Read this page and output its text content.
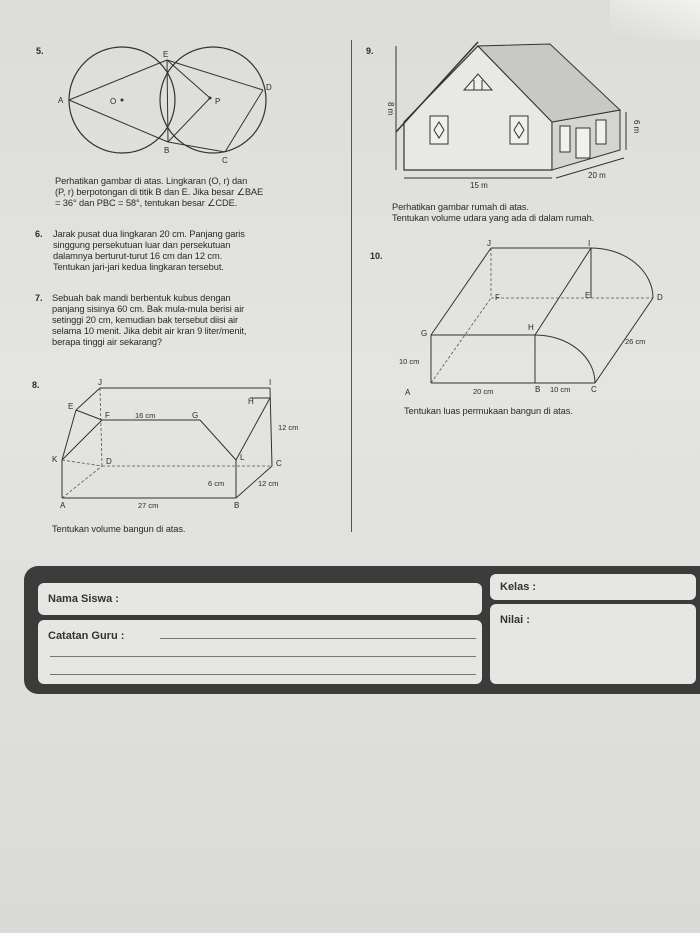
5.
A	O
E
P
D
B
C
Perhatikan gambar di atas. Lingkaran (O, r) dan
(P, r) berpotongan di titik B dan E. Jika besar ∠BAE
= 36° dan PBC = 58°, tentukan besar ∠CDE.
6. Jarak pusat dua lingkaran 20 cm. Panjang garis
singgung persekutuan luar dan persekutuan
dalamnya berturut-turut 16 cm dan 12 cm.
Tentukan jari-jari kedua lingkaran tersebut.
7. Sebuah bak mandi berbentuk kubus dengan
panjang sisinya 60 cm. Bak mula-mula berisi air
setinggi 20 cm, kemudian bak tersebut diisi air
selama 10 menit. Jika debit air kran 9 liter/menit,
berapa tinggi air sekarang?
8.	J	I
E
F	G
H
K	D	L
C
A	B
16 cm
12 cm
6 cm	12 cm
27 cm
Tentukan volume bangun di atas.
9.
8 m
15 m
20 m
6 m
Perhatikan gambar rumah di atas.
Tentukan volume udara yang ada di dalam rumah.
10.
J	I
F	E	D
G
H
A	B	C
10 cm
20 cm	10 cm
26 cm
Tentukan luas permukaan bangun di atas.
Nama Siswa :
Kelas :
Catatan Guru :
Nilai :
